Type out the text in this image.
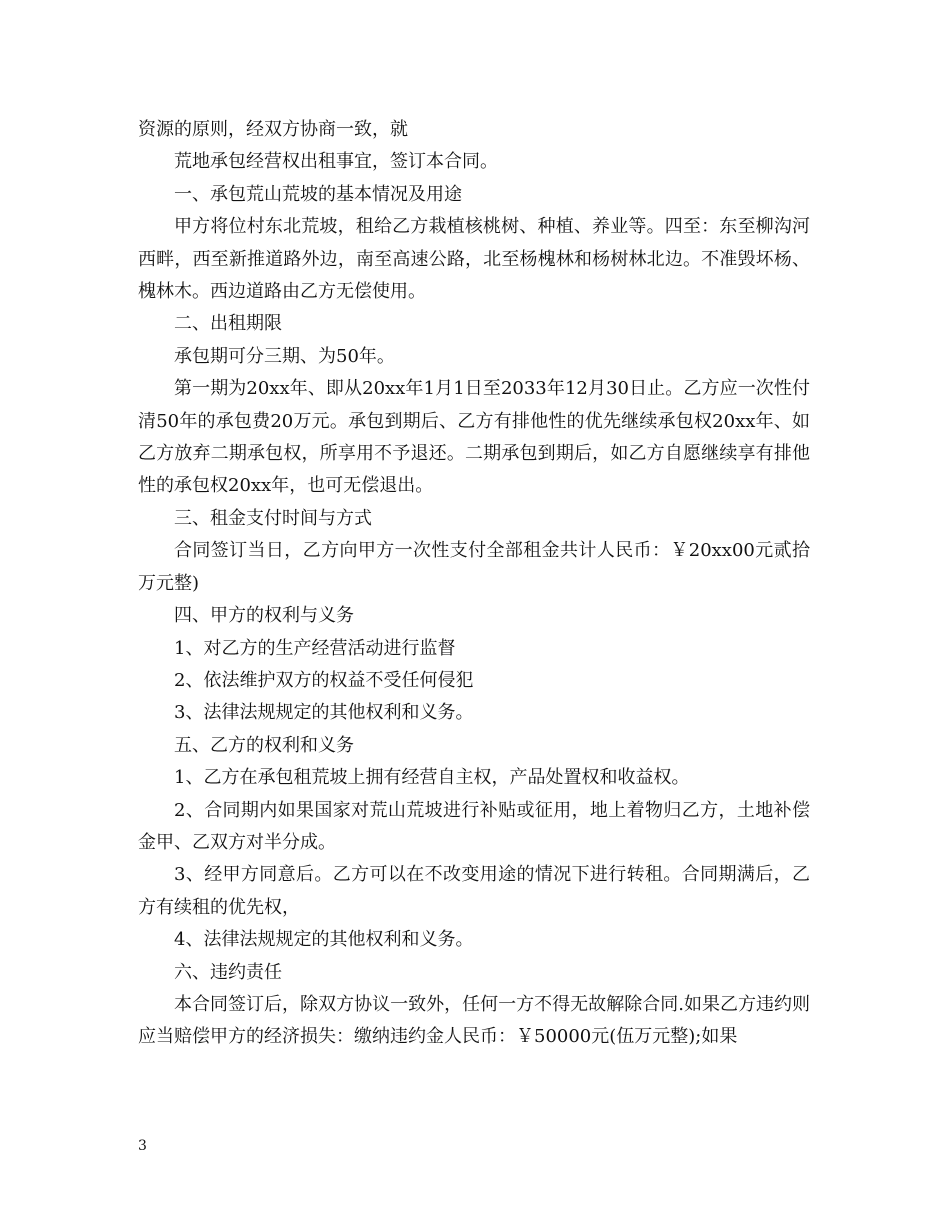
资源的原则，经双方协商一致，就

荒地承包经营权出租事宜，签订本合同。

一、承包荒山荒坡的基本情况及用途

甲方将位村东北荒坡，租给乙方栽植核桃树、种植、养业等。四至：东至柳沟河西畔，西至新推道路外边，南至高速公路，北至杨槐林和杨树林北边。不准毁坏杨、槐林木。西边道路由乙方无偿使用。

二、出租期限

承包期可分三期、为50年。

第一期为20xx年、即从20xx年1月1日至2033年12月30日止。乙方应一次性付清50年的承包费20万元。承包到期后、乙方有排他性的优先继续承包权20xx年、如乙方放弃二期承包权，所享用不予退还。二期承包到期后，如乙方自愿继续享有排他性的承包权20xx年，也可无偿退出。

三、租金支付时间与方式

合同签订当日，乙方向甲方一次性支付全部租金共计人民币：￥20xx00元贰拾万元整)

四、甲方的权利与义务

1、对乙方的生产经营活动进行监督

2、依法维护双方的权益不受任何侵犯

3、法律法规规定的其他权利和义务。

五、乙方的权利和义务

1、乙方在承包租荒坡上拥有经营自主权，产品处置权和收益权。

2、合同期内如果国家对荒山荒坡进行补贴或征用，地上着物归乙方，土地补偿金甲、乙双方对半分成。

3、经甲方同意后。乙方可以在不改变用途的情况下进行转租。合同期满后，乙方有续租的优先权，

4、法律法规规定的其他权利和义务。

六、违约责任

本合同签订后，除双方协议一致外，任何一方不得无故解除合同.如果乙方违约则应当赔偿甲方的经济损失：缴纳违约金人民币：￥50000元(伍万元整);如果

3
